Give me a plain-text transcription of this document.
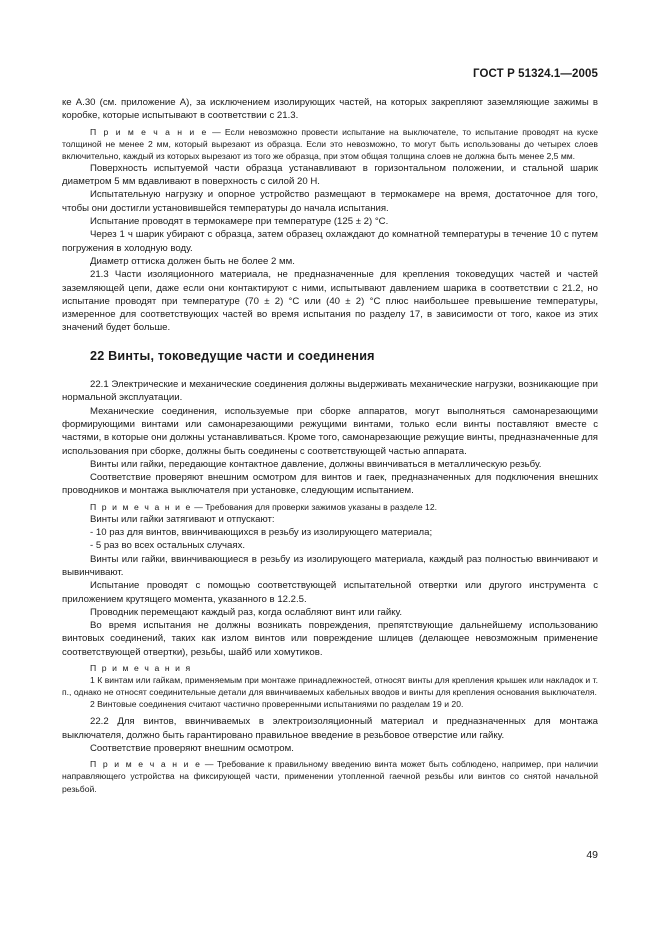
ГОСТ Р 51324.1—2005

ке А.30 (см. приложение А), за исключением изолирующих частей, на которых закрепляют заземляющие зажимы в коробке, которые испытывают в соответствии с 21.3.

П р и м е ч а н и е — Если невозможно провести испытание на выключателе, то испытание проводят на куске толщиной не менее 2 мм, который вырезают из образца. Если это невозможно, то могут быть использованы до четырех слоев включительно, каждый из которых вырезают из того же образца, при этом общая толщина слоев не должна быть менее 2,5 мм.

Поверхность испытуемой части образца устанавливают в горизонтальном положении, и стальной шарик диаметром 5 мм вдавливают в поверхность с силой 20 Н.

Испытательную нагрузку и опорное устройство размещают в термокамере на время, достаточное для того, чтобы они достигли установившейся температуры до начала испытания.

Испытание проводят в термокамере при температуре (125 ± 2) °С.

Через 1 ч шарик убирают с образца, затем образец охлаждают до комнатной температуры в течение 10 с путем погружения в холодную воду.

Диаметр оттиска должен быть не более 2 мм.

21.3 Части изоляционного материала, не предназначенные для крепления токоведущих частей и частей заземляющей цепи, даже если они контактируют с ними, испытывают давлением шарика в соответствии с 21.2, но испытание проводят при температуре (70 ± 2) °С или (40 ± 2) °С плюс наибольшее превышение температуры, измеренное для соответствующих частей во время испытания по разделу 17, в зависимости от того, какое из этих значений будет больше.

22 Винты, токоведущие части и соединения

22.1 Электрические и механические соединения должны выдерживать механические нагрузки, возникающие при нормальной эксплуатации.

Механические соединения, используемые при сборке аппаратов, могут выполняться самонарезающими формирующими винтами или самонарезающими режущими винтами, только если винты поставляют вместе с частями, в которые они должны устанавливаться. Кроме того, самонарезающие режущие винты, предназначенные для использования при сборке, должны быть соединены с соответствующей частью аппарата.

Винты или гайки, передающие контактное давление, должны ввинчиваться в металлическую резьбу.

Соответствие проверяют внешним осмотром для винтов и гаек, предназначенных для подключения внешних проводников и монтажа выключателя при установке, следующим испытанием.

П р и м е ч а н и е — Требования для проверки зажимов указаны в разделе 12.

Винты или гайки затягивают и отпускают:

- 10 раз для винтов, ввинчивающихся в резьбу из изолирующего материала;

- 5 раз во всех остальных случаях.

Винты или гайки, ввинчивающиеся в резьбу из изолирующего материала, каждый раз полностью ввинчивают и вывинчивают.

Испытание проводят с помощью соответствующей испытательной отвертки или другого инструмента с приложением крутящего момента, указанного в 12.2.5.

Проводник перемещают каждый раз, когда ослабляют винт или гайку.

Во время испытания не должны возникать повреждения, препятствующие дальнейшему использованию винтовых соединений, таких как излом винтов или повреждение шлицев (делающее невозможным применение соответствующей отвертки), резьбы, шайб или хомутиков.

П р и м е ч а н и я

1 К винтам или гайкам, применяемым при монтаже принадлежностей, относят винты для крепления крышек или накладок и т. п., однако не относят соединительные детали для ввинчиваемых кабельных вводов и винты для крепления основания выключателя.

2 Винтовые соединения считают частично проверенными испытаниями по разделам 19 и 20.

22.2 Для винтов, ввинчиваемых в электроизоляционный материал и предназначенных для монтажа выключателя, должно быть гарантировано правильное введение в резьбовое отверстие или гайку.

Соответствие проверяют внешним осмотром.

П р и м е ч а н и е — Требование к правильному введению винта может быть соблюдено, например, при наличии направляющего устройства на фиксирующей части, применении утопленной гаечной резьбы или винтов со снятой начальной резьбой.

49
